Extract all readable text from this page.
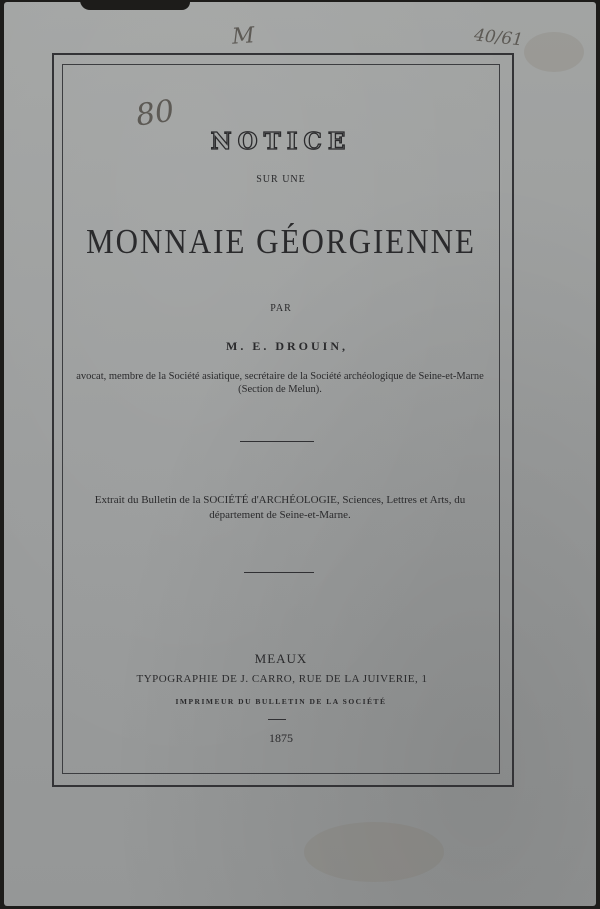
80
M	40/61

NOTICE

SUR UNE

MONNAIE GÉORGIENNE

PAR

M. E. DROUIN,

avocat, membre de la Société asiatique, secrétaire de la Société archéologique de Seine-et-Marne (Section de Melun).

Extrait du Bulletin de la SOCIÉTÉ d'ARCHÉOLOGIE, Sciences, Lettres et Arts, du département de Seine-et-Marne.

MEAUX

TYPOGRAPHIE DE J. CARRO, RUE DE LA JUIVERIE, 1

IMPRIMEUR DU BULLETIN DE LA SOCIÉTÉ

1875
